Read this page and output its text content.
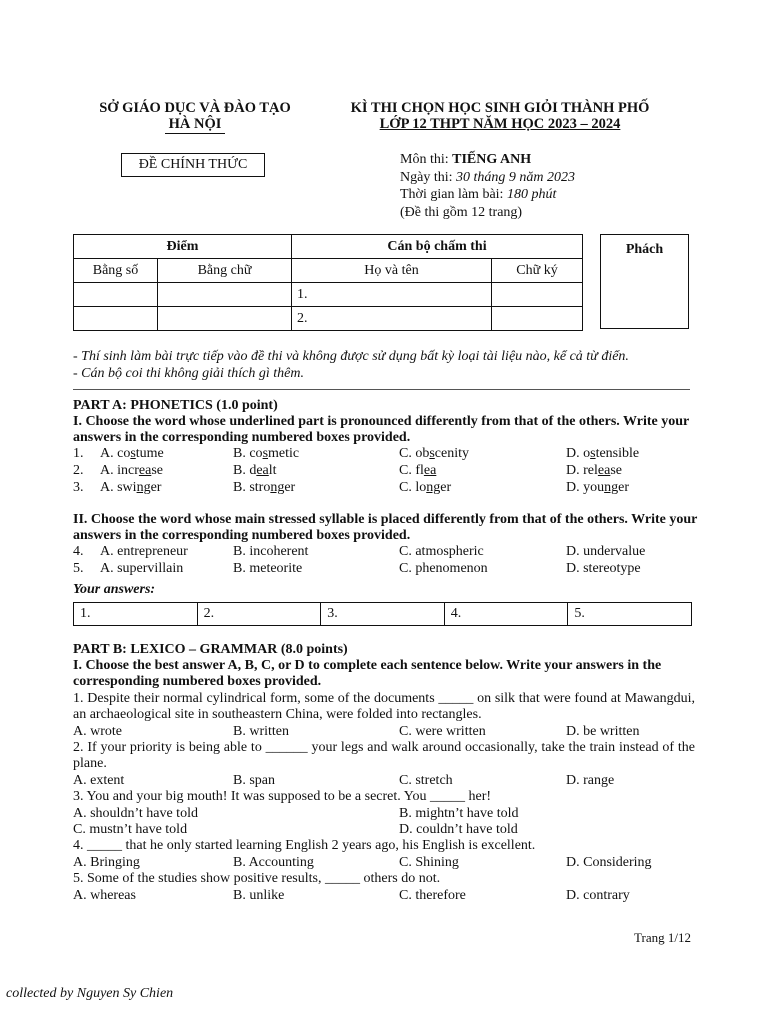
SỞ GIÁO DỤC VÀ ĐÀO TẠO
HÀ NỘI
KÌ THI CHỌN HỌC SINH GIỎI THÀNH PHỐ
LỚP 12 THPT NĂM HỌC 2023 – 2024
ĐỀ CHÍNH THỨC	Môn thi: TIẾNG ANH
Ngày thi: 30 tháng 9 năm 2023
Thời gian làm bài: 180 phút
(Đề thi gồm 12 trang)
Điểm		Cán bộ chấm thi	
Bằng số	Bằng chữ	Họ và tên	Chữ ký
		1.	
		2.	
Phách
- Thí sinh làm bài trực tiếp vào đề thi và không được sử dụng bất kỳ loại tài liệu nào, kể cả từ điển.
- Cán bộ coi thi không giải thích gì thêm.
PART A: PHONETICS (1.0 point)
I. Choose the word whose underlined part is pronounced differently from that of the others. Write your answers in the corresponding numbered boxes provided.
1. A. costume	B. cosmetic	C. obscenity	D. ostensible
2. A. increase	B. dealt	C. flea	D. release
3. A. swinger	B. stronger	C. longer	D. younger
II. Choose the word whose main stressed syllable is placed differently from that of the others. Write your answers in the corresponding numbered boxes provided.
4. A. entrepreneur	B. incoherent	C. atmospheric	D. undervalue
5. A. supervillain	B. meteorite	C. phenomenon	D. stereotype
Your answers:
1.	2.	3.	4.	5.
PART B: LEXICO – GRAMMAR (8.0 points)
I. Choose the best answer A, B, C, or D to complete each sentence below. Write your answers in the corresponding numbered boxes provided.
1. Despite their normal cylindrical form, some of the documents _____ on silk that were found at Mawangdui, an archaeological site in southeastern China, were folded into rectangles.
A. wrote	B. written	C. were written	D. be written
2. If your priority is being able to ______ your legs and walk around occasionally, take the train instead of the plane.
A. extent	B. span	C. stretch	D. range
3. You and your big mouth! It was supposed to be a secret. You _____ her!
A. shouldn’t have told	B. mightn’t have told
C. mustn’t have told	D. couldn’t have told
4. _____ that he only started learning English 2 years ago, his English is excellent.
A. Bringing	B. Accounting	C. Shining	D. Considering
5. Some of the studies show positive results, _____ others do not.
A. whereas	B. unlike	C. therefore	D. contrary
Trang 1/12
collected by Nguyen Sy Chien
